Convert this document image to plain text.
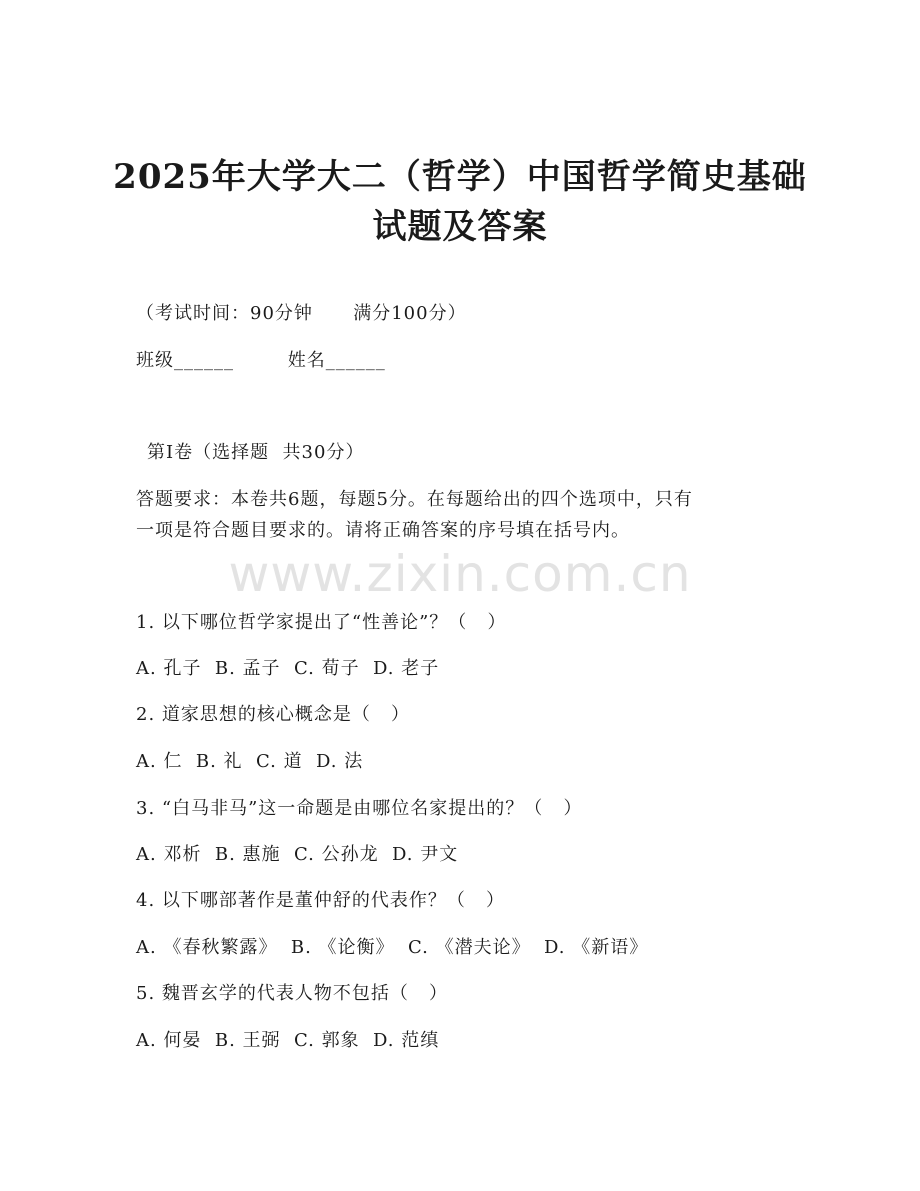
2025年大学大二（哲学）中国哲学简史基础
试题及答案
（考试时间：90分钟      满分100分）
班级______        姓名______
第I卷（选择题  共30分）
答题要求：本卷共6题，每题5分。在每题给出的四个选项中，只有
一项是符合题目要求的。请将正确答案的序号填在括号内。
www.zixin.com.cn
1. 以下哪位哲学家提出了“性善论”？（   ）
A. 孔子  B. 孟子  C. 荀子  D. 老子
2. 道家思想的核心概念是（   ）
A. 仁  B. 礼  C. 道  D. 法
3. “白马非马”这一命题是由哪位名家提出的？（   ）
A. 邓析  B. 惠施  C. 公孙龙  D. 尹文
4. 以下哪部著作是董仲舒的代表作？（   ）
A. 《春秋繁露》  B. 《论衡》  C. 《潜夫论》  D. 《新语》
5. 魏晋玄学的代表人物不包括（   ）
A. 何晏  B. 王弼  C. 郭象  D. 范缜
